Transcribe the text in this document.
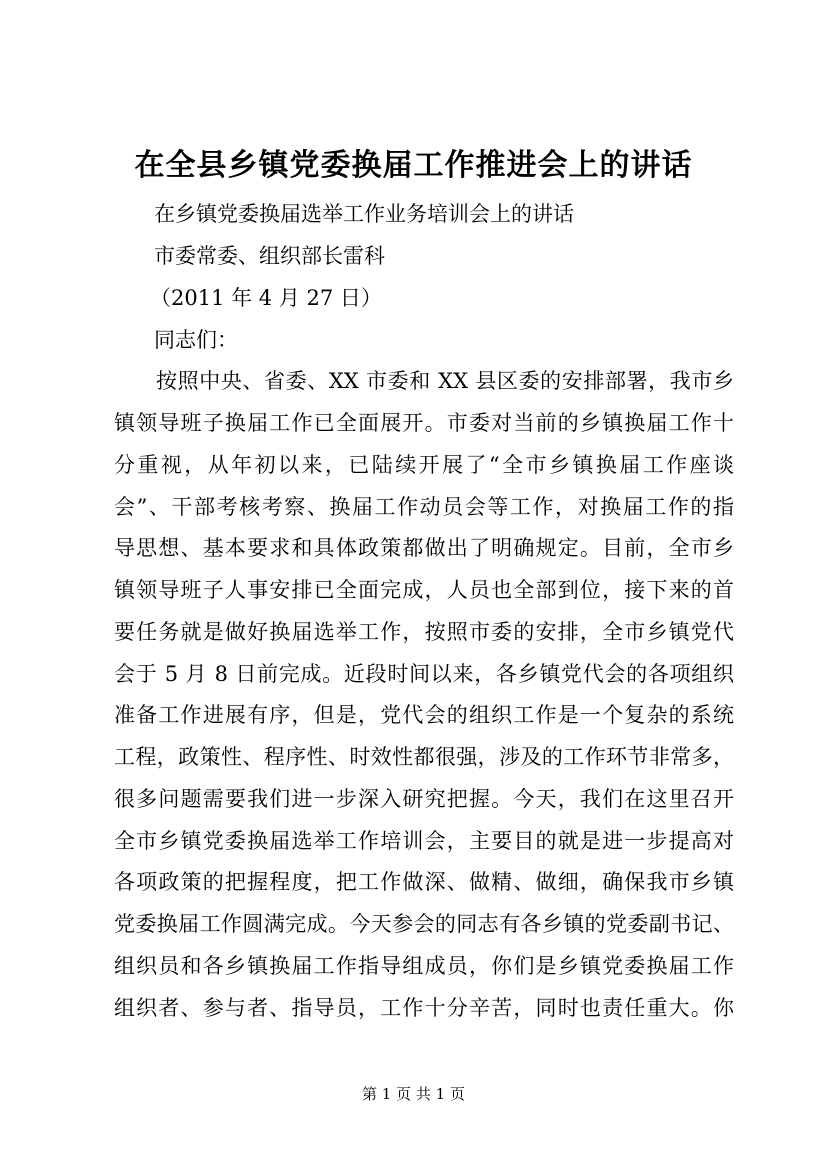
在全县乡镇党委换届工作推进会上的讲话
在乡镇党委换届选举工作业务培训会上的讲话
市委常委、组织部长雷科
（2011 年 4 月 27 日）
同志们：
按照中央、省委、XX 市委和 XX 县区委的安排部署，我市乡
镇领导班子换届工作已全面展开。市委对当前的乡镇换届工作十
分重视，从年初以来，已陆续开展了“全市乡镇换届工作座谈
会”、干部考核考察、换届工作动员会等工作，对换届工作的指
导思想、基本要求和具体政策都做出了明确规定。目前，全市乡
镇领导班子人事安排已全面完成，人员也全部到位，接下来的首
要任务就是做好换届选举工作，按照市委的安排，全市乡镇党代
会于 5 月 8 日前完成。近段时间以来，各乡镇党代会的各项组织
准备工作进展有序，但是，党代会的组织工作是一个复杂的系统
工程，政策性、程序性、时效性都很强，涉及的工作环节非常多，
很多问题需要我们进一步深入研究把握。今天，我们在这里召开
全市乡镇党委换届选举工作培训会，主要目的就是进一步提高对
各项政策的把握程度，把工作做深、做精、做细，确保我市乡镇
党委换届工作圆满完成。今天参会的同志有各乡镇的党委副书记、
组织员和各乡镇换届工作指导组成员，你们是乡镇党委换届工作
组织者、参与者、指导员，工作十分辛苦，同时也责任重大。你
第 1 页 共 1 页
